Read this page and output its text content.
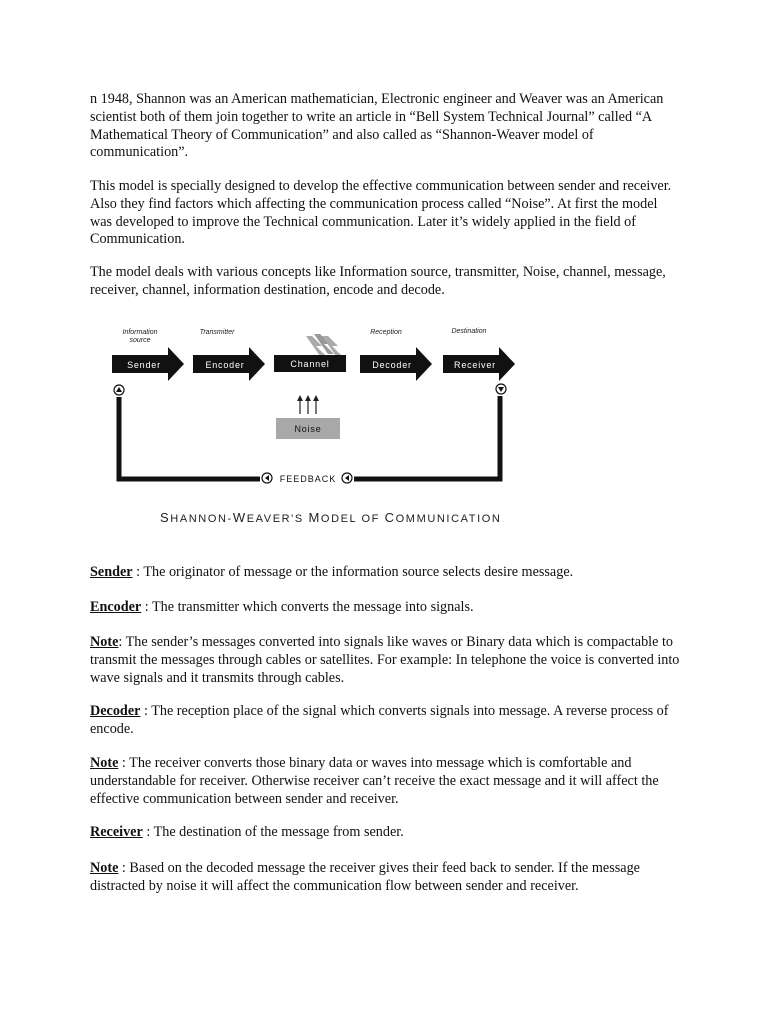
n 1948, Shannon was an American mathematician, Electronic engineer and Weaver was an American scientist both of them join together to write an article in “Bell System Technical Journal” called “A Mathematical Theory of Communication” and also called as “Shannon-Weaver model of communication”.

This model is specially designed to develop the effective communication between sender and receiver. Also they find factors which affecting the communication process called “Noise”. At first the model was developed to improve the Technical communication. Later it’s widely applied in the field of Communication.

The model deals with various concepts like Information source, transmitter, Noise, channel, message, receiver, channel, information destination, encode and decode.

Information
source
Transmitter	Reception	Destination
Sender	Encoder	Channel	Decoder	Receiver
Noise
FEEDBACK
SHANNON-WEAVER'S MODEL OF COMMUNICATION

Sender : The originator of message or the information source selects desire message.

Encoder : The transmitter which converts the message into signals.

Note: The sender’s messages converted into signals like waves or Binary data which is compactable to transmit the messages through cables or satellites. For example: In telephone the voice is converted into wave signals and it transmits through cables.

Decoder : The reception place of the signal which converts signals into message. A reverse process of encode.

Note : The receiver converts those binary data or waves into message which is comfortable and understandable for receiver. Otherwise receiver can’t receive the exact message and it will affect the effective communication between sender and receiver.

Receiver : The destination of the message from sender.

Note : Based on the decoded message the receiver gives their feed back to sender. If the message distracted by noise it will affect the communication flow between sender and receiver.
